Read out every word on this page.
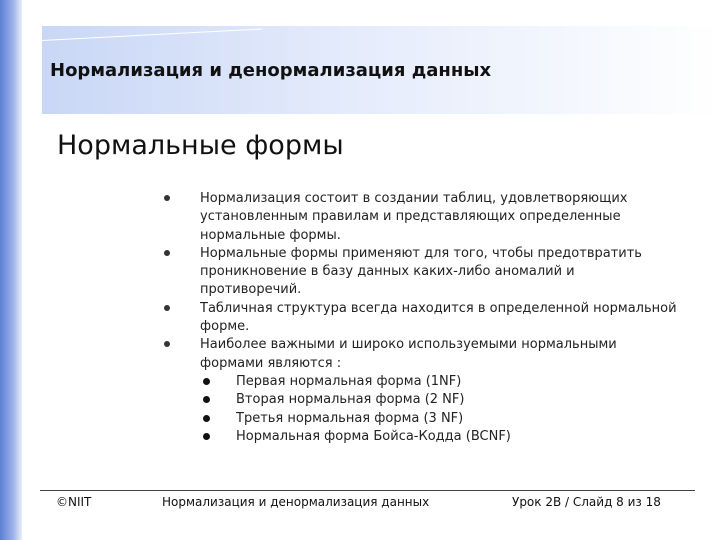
Нормализация и денормализация данных
Нормальные формы
Нормализация состоит в создании таблиц, удовлетворяющих установленным правилам и представляющих определенные нормальные формы.
Нормальные формы применяют для того, чтобы предотвратить проникновение в базу данных каких-либо аномалий и противоречий.
Табличная структура всегда находится в определенной нормальной форме.
Наиболее важными и широко используемыми нормальными формами являются :
Первая нормальная форма (1NF)
Вторая нормальная форма (2 NF)
Третья нормальная форма (3 NF)
Нормальная форма Бойса-Кодда (BCNF)
©NIIT	Нормализация и денормализация данных	Урок 2B / Слайд 8 из 18
